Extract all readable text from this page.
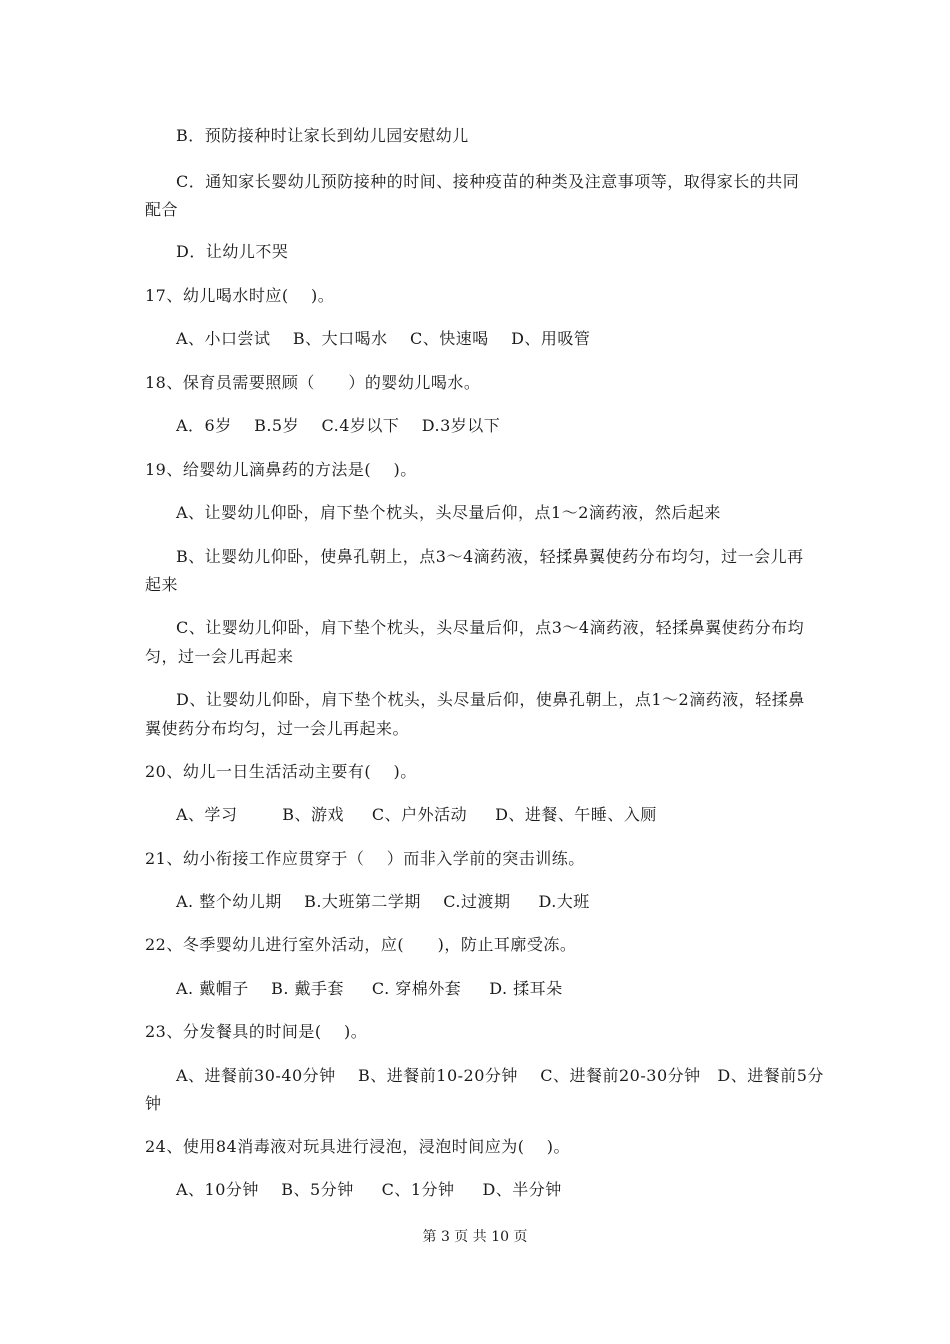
B．预防接种时让家长到幼儿园安慰幼儿
C．通知家长婴幼儿预防接种的时间、接种疫苗的种类及注意事项等，取得家长的共同
配合
D．让幼儿不哭
17、幼儿喝水时应(    )。
A、小口尝试    B、大口喝水    C、快速喝    D、用吸管
18、保育员需要照顾（      ）的婴幼儿喝水。
A．6岁    B.5岁    C.4岁以下    D.3岁以下
19、给婴幼儿滴鼻药的方法是(    )。
A、让婴幼儿仰卧，肩下垫个枕头，头尽量后仰，点1～2滴药液，然后起来
B、让婴幼儿仰卧，使鼻孔朝上，点3～4滴药液，轻揉鼻翼使药分布均匀，过一会儿再
起来
C、让婴幼儿仰卧，肩下垫个枕头，头尽量后仰，点3～4滴药液，轻揉鼻翼使药分布均
匀，过一会儿再起来
D、让婴幼儿仰卧，肩下垫个枕头，头尽量后仰，使鼻孔朝上，点1～2滴药液，轻揉鼻
翼使药分布均匀，过一会儿再起来。
20、幼儿一日生活活动主要有(    )。
A、学习        B、游戏     C、户外活动     D、进餐、午睡、入厕
21、幼小衔接工作应贯穿于（    ）而非入学前的突击训练。
A. 整个幼儿期    B.大班第二学期    C.过渡期     D.大班
22、冬季婴幼儿进行室外活动，应(      )，防止耳廓受冻。
A. 戴帽子    B. 戴手套     C. 穿棉外套     D. 揉耳朵
23、分发餐具的时间是(    )。
A、进餐前30-40分钟    B、进餐前10-20分钟    C、进餐前20-30分钟   D、进餐前5分
钟
24、使用84消毒液对玩具进行浸泡，浸泡时间应为(    )。
A、10分钟    B、5分钟     C、1分钟     D、半分钟
第 3 页 共 10 页
